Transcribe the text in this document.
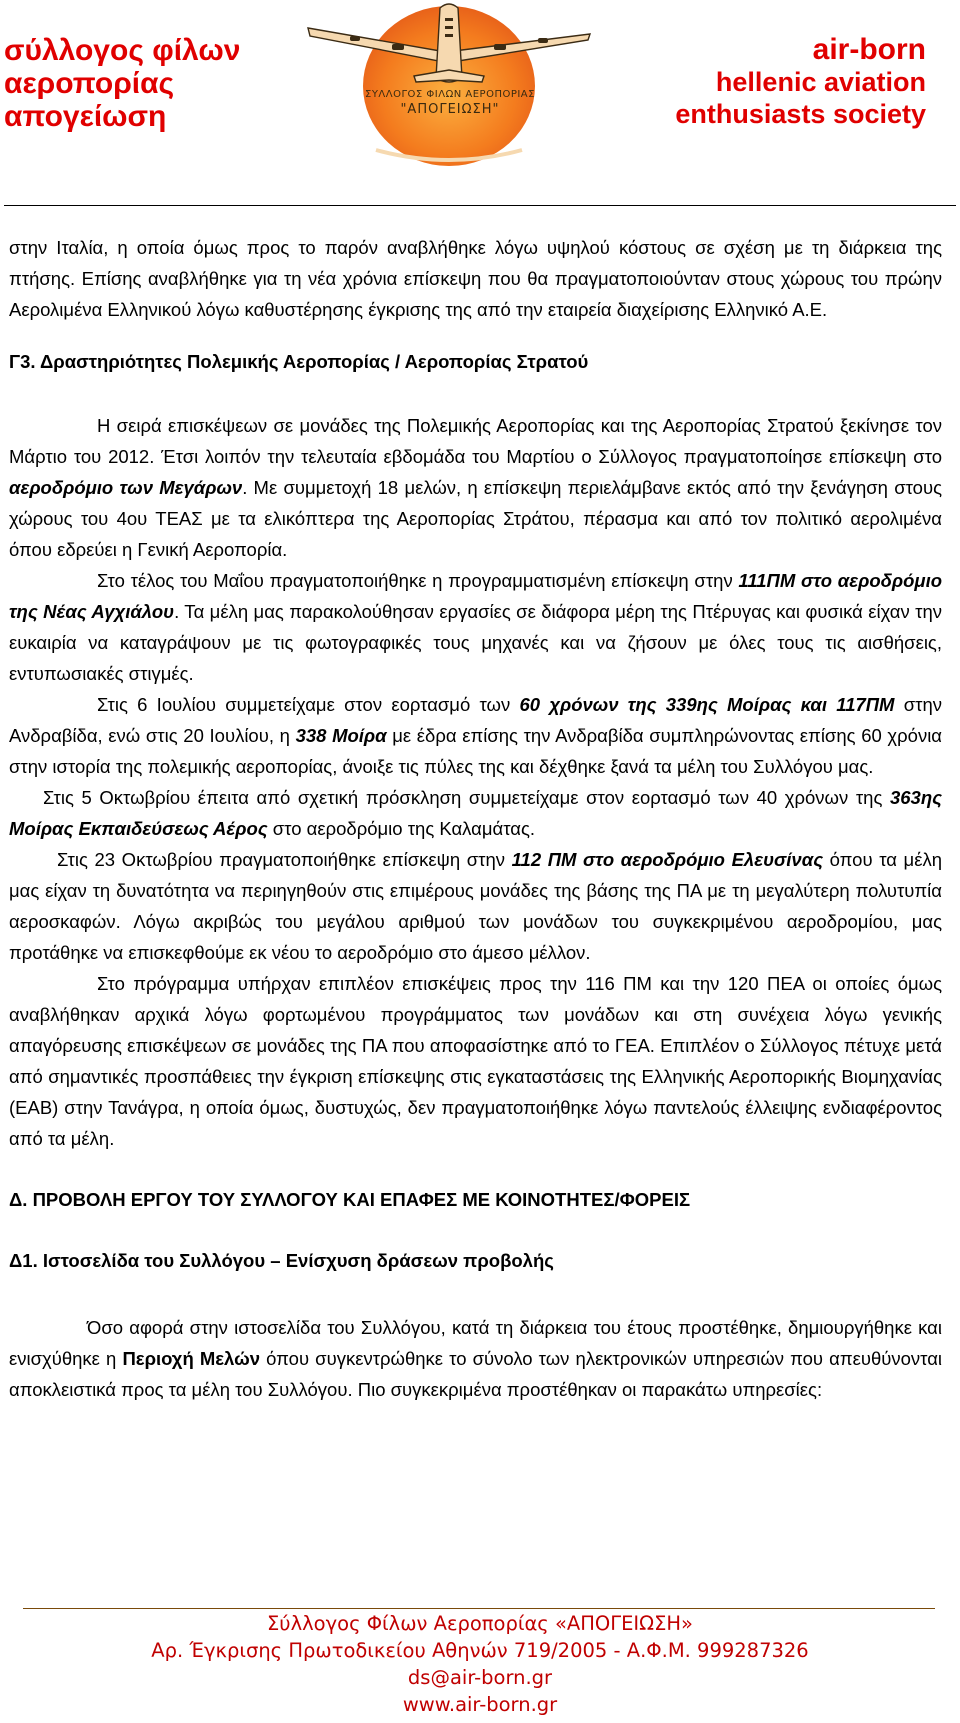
σύλλογος φίλων
αεροπορίας
απογείωση
ΣΥΛΛΟΓΟΣ ΦΙΛΩΝ ΑΕΡΟΠΟΡΙΑΣ
"ΑΠΟΓΕΙΩΣΗ"
air-born
hellenic aviation
enthusiasts society

στην Ιταλία, η οποία όμως προς το παρόν αναβλήθηκε λόγω υψηλού κόστους σε σχέση με τη διάρκεια της πτήσης. Επίσης αναβλήθηκε για τη νέα χρόνια επίσκεψη που θα πραγματοποιούνταν στους χώρους του πρώην Αερολιμένα Ελληνικού λόγω καθυστέρησης έγκρισης της από την εταιρεία διαχείρισης Ελληνικό Α.Ε.

Γ3. Δραστηριότητες Πολεμικής Αεροπορίας / Αεροπορίας Στρατού

Η σειρά επισκέψεων σε μονάδες της Πολεμικής Αεροπορίας και της Αεροπορίας Στρατού ξεκίνησε τον Μάρτιο του 2012. Έτσι λοιπόν την τελευταία εβδομάδα του Μαρτίου ο Σύλλογος πραγματοποίησε επίσκεψη στο αεροδρόμιο των Μεγάρων. Με συμμετοχή 18 μελών, η επίσκεψη περιελάμβανε εκτός από την ξενάγηση στους χώρους του 4ου ΤΕΑΣ με τα ελικόπτερα της Αεροπορίας Στράτου, πέρασμα και από τον πολιτικό αερολιμένα όπου εδρεύει η Γενική Αεροπορία.

Στο τέλος του Μαΐου πραγματοποιήθηκε η προγραμματισμένη επίσκεψη στην 111ΠΜ στο αεροδρόμιο της Νέας Αγχιάλου. Τα μέλη μας παρακολούθησαν εργασίες σε διάφορα μέρη της Πτέρυγας και φυσικά είχαν την ευκαιρία να καταγράψουν με τις φωτογραφικές τους μηχανές και να ζήσουν με όλες τους τις αισθήσεις, εντυπωσιακές στιγμές.

Στις 6 Ιουλίου συμμετείχαμε στον εορτασμό των 60 χρόνων της 339ης Μοίρας και 117ΠΜ στην Ανδραβίδα, ενώ στις 20 Ιουλίου, η 338 Μοίρα με έδρα επίσης την Ανδραβίδα συμπληρώνοντας επίσης 60 χρόνια στην ιστορία της πολεμικής αεροπορίας, άνοιξε τις πύλες της και δέχθηκε ξανά τα μέλη του Συλλόγου μας.

Στις 5 Οκτωβρίου έπειτα από σχετική πρόσκληση συμμετείχαμε στον εορτασμό των 40 χρόνων της 363ης Μοίρας Εκπαιδεύσεως Αέρος στο αεροδρόμιο της Καλαμάτας.

Στις 23 Οκτωβρίου πραγματοποιήθηκε επίσκεψη στην 112 ΠΜ στο αεροδρόμιο Ελευσίνας όπου τα μέλη μας είχαν τη δυνατότητα να περιηγηθούν στις επιμέρους μονάδες της βάσης της ΠΑ με τη μεγαλύτερη πολυτυπία αεροσκαφών. Λόγω ακριβώς του μεγάλου αριθμού των μονάδων του συγκεκριμένου αεροδρομίου, μας προτάθηκε να επισκεφθούμε εκ νέου το αεροδρόμιο στο άμεσο μέλλον.

Στο πρόγραμμα υπήρχαν επιπλέον επισκέψεις προς την 116 ΠΜ και την 120 ΠΕΑ οι οποίες όμως αναβλήθηκαν αρχικά λόγω φορτωμένου προγράμματος των μονάδων και στη συνέχεια λόγω γενικής απαγόρευσης επισκέψεων σε μονάδες της ΠΑ που αποφασίστηκε από το ΓΕΑ. Επιπλέον ο Σύλλογος πέτυχε μετά από σημαντικές προσπάθειες την έγκριση επίσκεψης στις εγκαταστάσεις της Ελληνικής Αεροπορικής Βιομηχανίας (ΕΑΒ) στην Τανάγρα, η οποία όμως, δυστυχώς, δεν πραγματοποιήθηκε λόγω παντελούς έλλειψης ενδιαφέροντος από τα μέλη.

Δ. ΠΡΟΒΟΛΗ ΕΡΓΟΥ ΤΟΥ ΣΥΛΛΟΓΟΥ ΚΑΙ ΕΠΑΦΕΣ ΜΕ ΚΟΙΝΟΤΗΤΕΣ/ΦΟΡΕΙΣ

Δ1. Ιστοσελίδα του Συλλόγου – Ενίσχυση δράσεων προβολής

Όσο αφορά στην ιστοσελίδα του Συλλόγου, κατά τη διάρκεια του έτους προστέθηκε, δημιουργήθηκε και ενισχύθηκε η Περιοχή Μελών όπου συγκεντρώθηκε το σύνολο των ηλεκτρονικών υπηρεσιών που απευθύνονται αποκλειστικά προς τα μέλη του Συλλόγου. Πιο συγκεκριμένα προστέθηκαν οι παρακάτω υπηρεσίες:

Σύλλογος Φίλων Αεροπορίας «ΑΠΟΓΕΙΩΣΗ»
Αρ. Έγκρισης Πρωτοδικείου Αθηνών 719/2005 - Α.Φ.Μ. 999287326
ds@air-born.gr
www.air-born.gr
